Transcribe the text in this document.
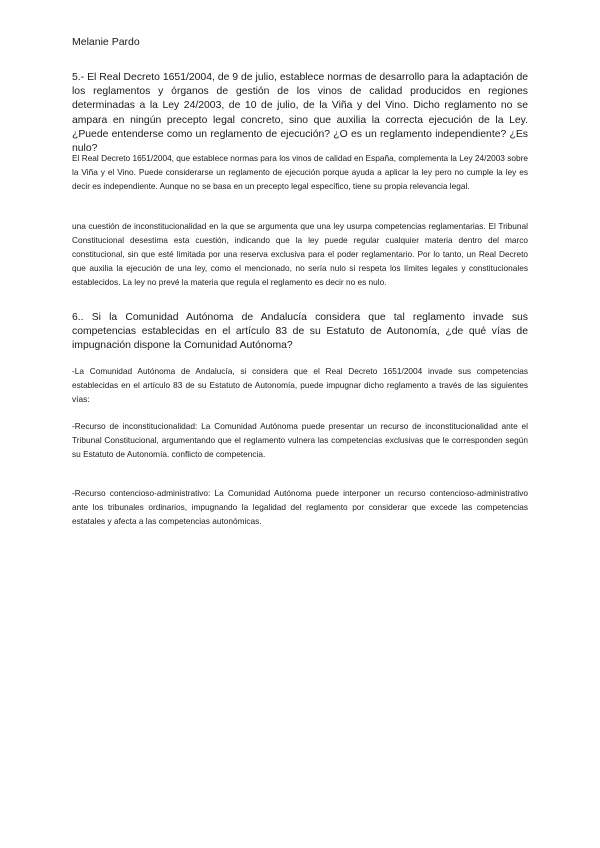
Melanie Pardo

5.- El Real Decreto 1651/2004, de 9 de julio, establece normas de desarrollo para la adaptación de los reglamentos y órganos de gestión de los vinos de calidad producidos en regiones determinadas a la Ley 24/2003, de 10 de julio, de la Viña y del Vino. Dicho reglamento no se ampara en ningún precepto legal concreto, sino que auxilia la correcta ejecución de la Ley. ¿Puede entenderse como un reglamento de ejecución? ¿O es un reglamento independiente? ¿Es nulo?

El Real Decreto 1651/2004, que establece normas para los vinos de calidad en España, complementa la Ley 24/2003 sobre la Viña y el Vino. Puede considerarse un reglamento de ejecución porque ayuda a aplicar la ley pero no cumple la ley es decir es independiente. Aunque no se basa en un precepto legal específico, tiene su propia relevancia legal.

una cuestión de inconstitucionalidad en la que se argumenta que una ley usurpa competencias reglamentarias. El Tribunal Constitucional desestima esta cuestión, indicando que la ley puede regular cualquier materia dentro del marco constitucional, sin que esté limitada por una reserva exclusiva para el poder reglamentario. Por lo tanto, un Real Decreto que auxilia la ejecución de una ley, como el mencionado, no sería nulo si respeta los límites legales y constitucionales establecidos. La ley no prevé la materia que regula el reglamento es decir no es nulo.

6.. Si la Comunidad Autónoma de Andalucía considera que tal reglamento invade sus competencias establecidas en el artículo 83 de su Estatuto de Autonomía, ¿de qué vías de impugnación dispone la Comunidad Autónoma?

-La Comunidad Autónoma de Andalucía, si considera que el Real Decreto 1651/2004 invade sus competencias establecidas en el artículo 83 de su Estatuto de Autonomía, puede impugnar dicho reglamento a través de las siguientes vías:

-Recurso de inconstitucionalidad: La Comunidad Autónoma puede presentar un recurso de inconstitucionalidad ante el Tribunal Constitucional, argumentando que el reglamento vulnera las competencias exclusivas que le corresponden según su Estatuto de Autonomía. conflicto de competencia.

-Recurso contencioso-administrativo: La Comunidad Autónoma puede interponer un recurso contencioso-administrativo ante los tribunales ordinarios, impugnando la legalidad del reglamento por considerar que excede las competencias estatales y afecta a las competencias autonómicas.
